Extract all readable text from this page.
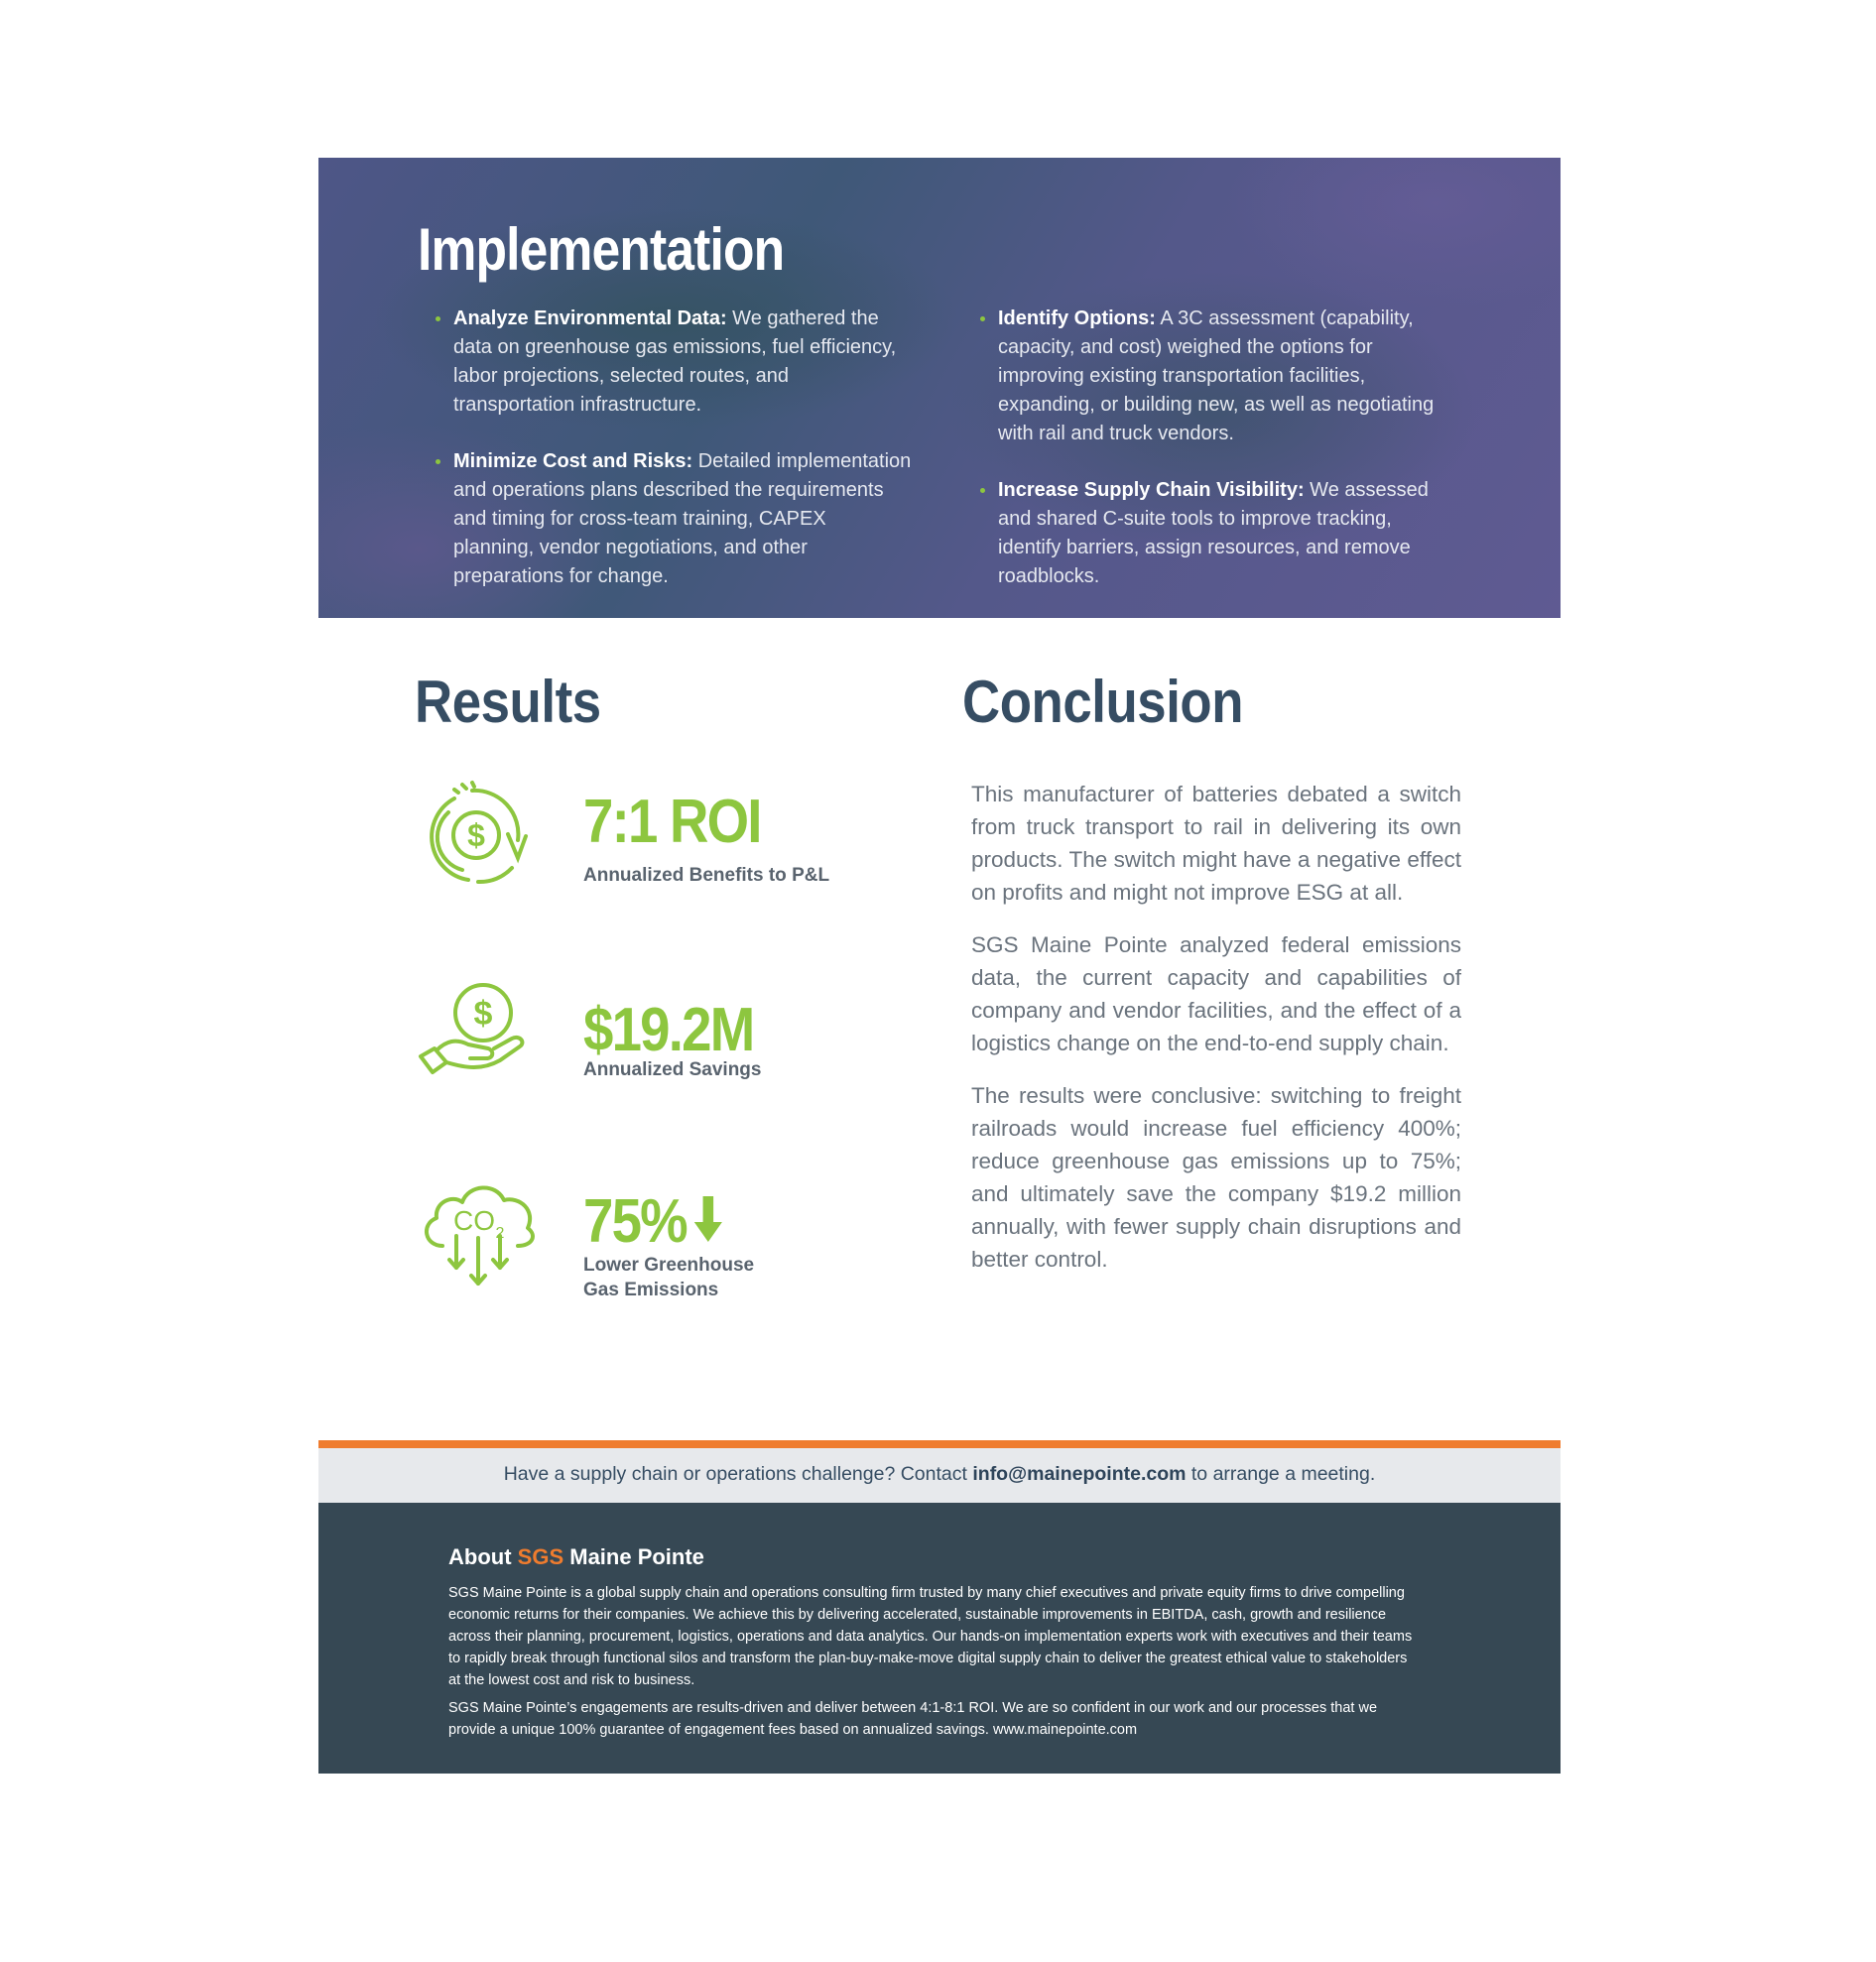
Implementation
Analyze Environmental Data: We gathered the data on greenhouse gas emissions, fuel efficiency, labor projections, selected routes, and transportation infrastructure.
Minimize Cost and Risks: Detailed implementation and operations plans described the requirements and timing for cross-team training, CAPEX planning, vendor negotiations, and other preparations for change.
Identify Options: A 3C assessment (capability, capacity, and cost) weighed the options for improving existing transportation facilities, expanding, or building new, as well as negotiating with rail and truck vendors.
Increase Supply Chain Visibility: We assessed and shared C-suite tools to improve tracking, identify barriers, assign resources, and remove roadblocks.
Results
$ 7:1 ROI
Annualized Benefits to P&L
$ $19.2M
Annualized Savings
CO 2 75%
Lower Greenhouse
Gas Emissions
Conclusion

This manufacturer of batteries debated a switch from truck transport to rail in delivering its own products. The switch might have a negative effect on profits and might not improve ESG at all.

SGS Maine Pointe analyzed federal emissions data, the current capacity and capabilities of company and vendor facilities, and the effect of a logistics change on the end-to-end supply chain.

The results were conclusive: switching to freight railroads would increase fuel efficiency 400%; reduce greenhouse gas emissions up to 75%; and ultimately save the company $19.2 million annually, with fewer supply chain disruptions and better control.

Have a supply chain or operations challenge? Contact info@mainepointe.com to arrange a meeting.
About SGS Maine Pointe

SGS Maine Pointe is a global supply chain and operations consulting firm trusted by many chief executives and private equity firms to drive compelling economic returns for their companies. We achieve this by delivering accelerated, sustainable improvements in EBITDA, cash, growth and resilience across their planning, procurement, logistics, operations and data analytics. Our hands-on implementation experts work with executives and their teams to rapidly break through functional silos and transform the plan-buy-make-move digital supply chain to deliver the greatest ethical value to stakeholders at the lowest cost and risk to business.

SGS Maine Pointe’s engagements are results-driven and deliver between 4:1-8:1 ROI. We are so confident in our work and our processes that we provide a unique 100% guarantee of engagement fees based on annualized savings. www.mainepointe.com
